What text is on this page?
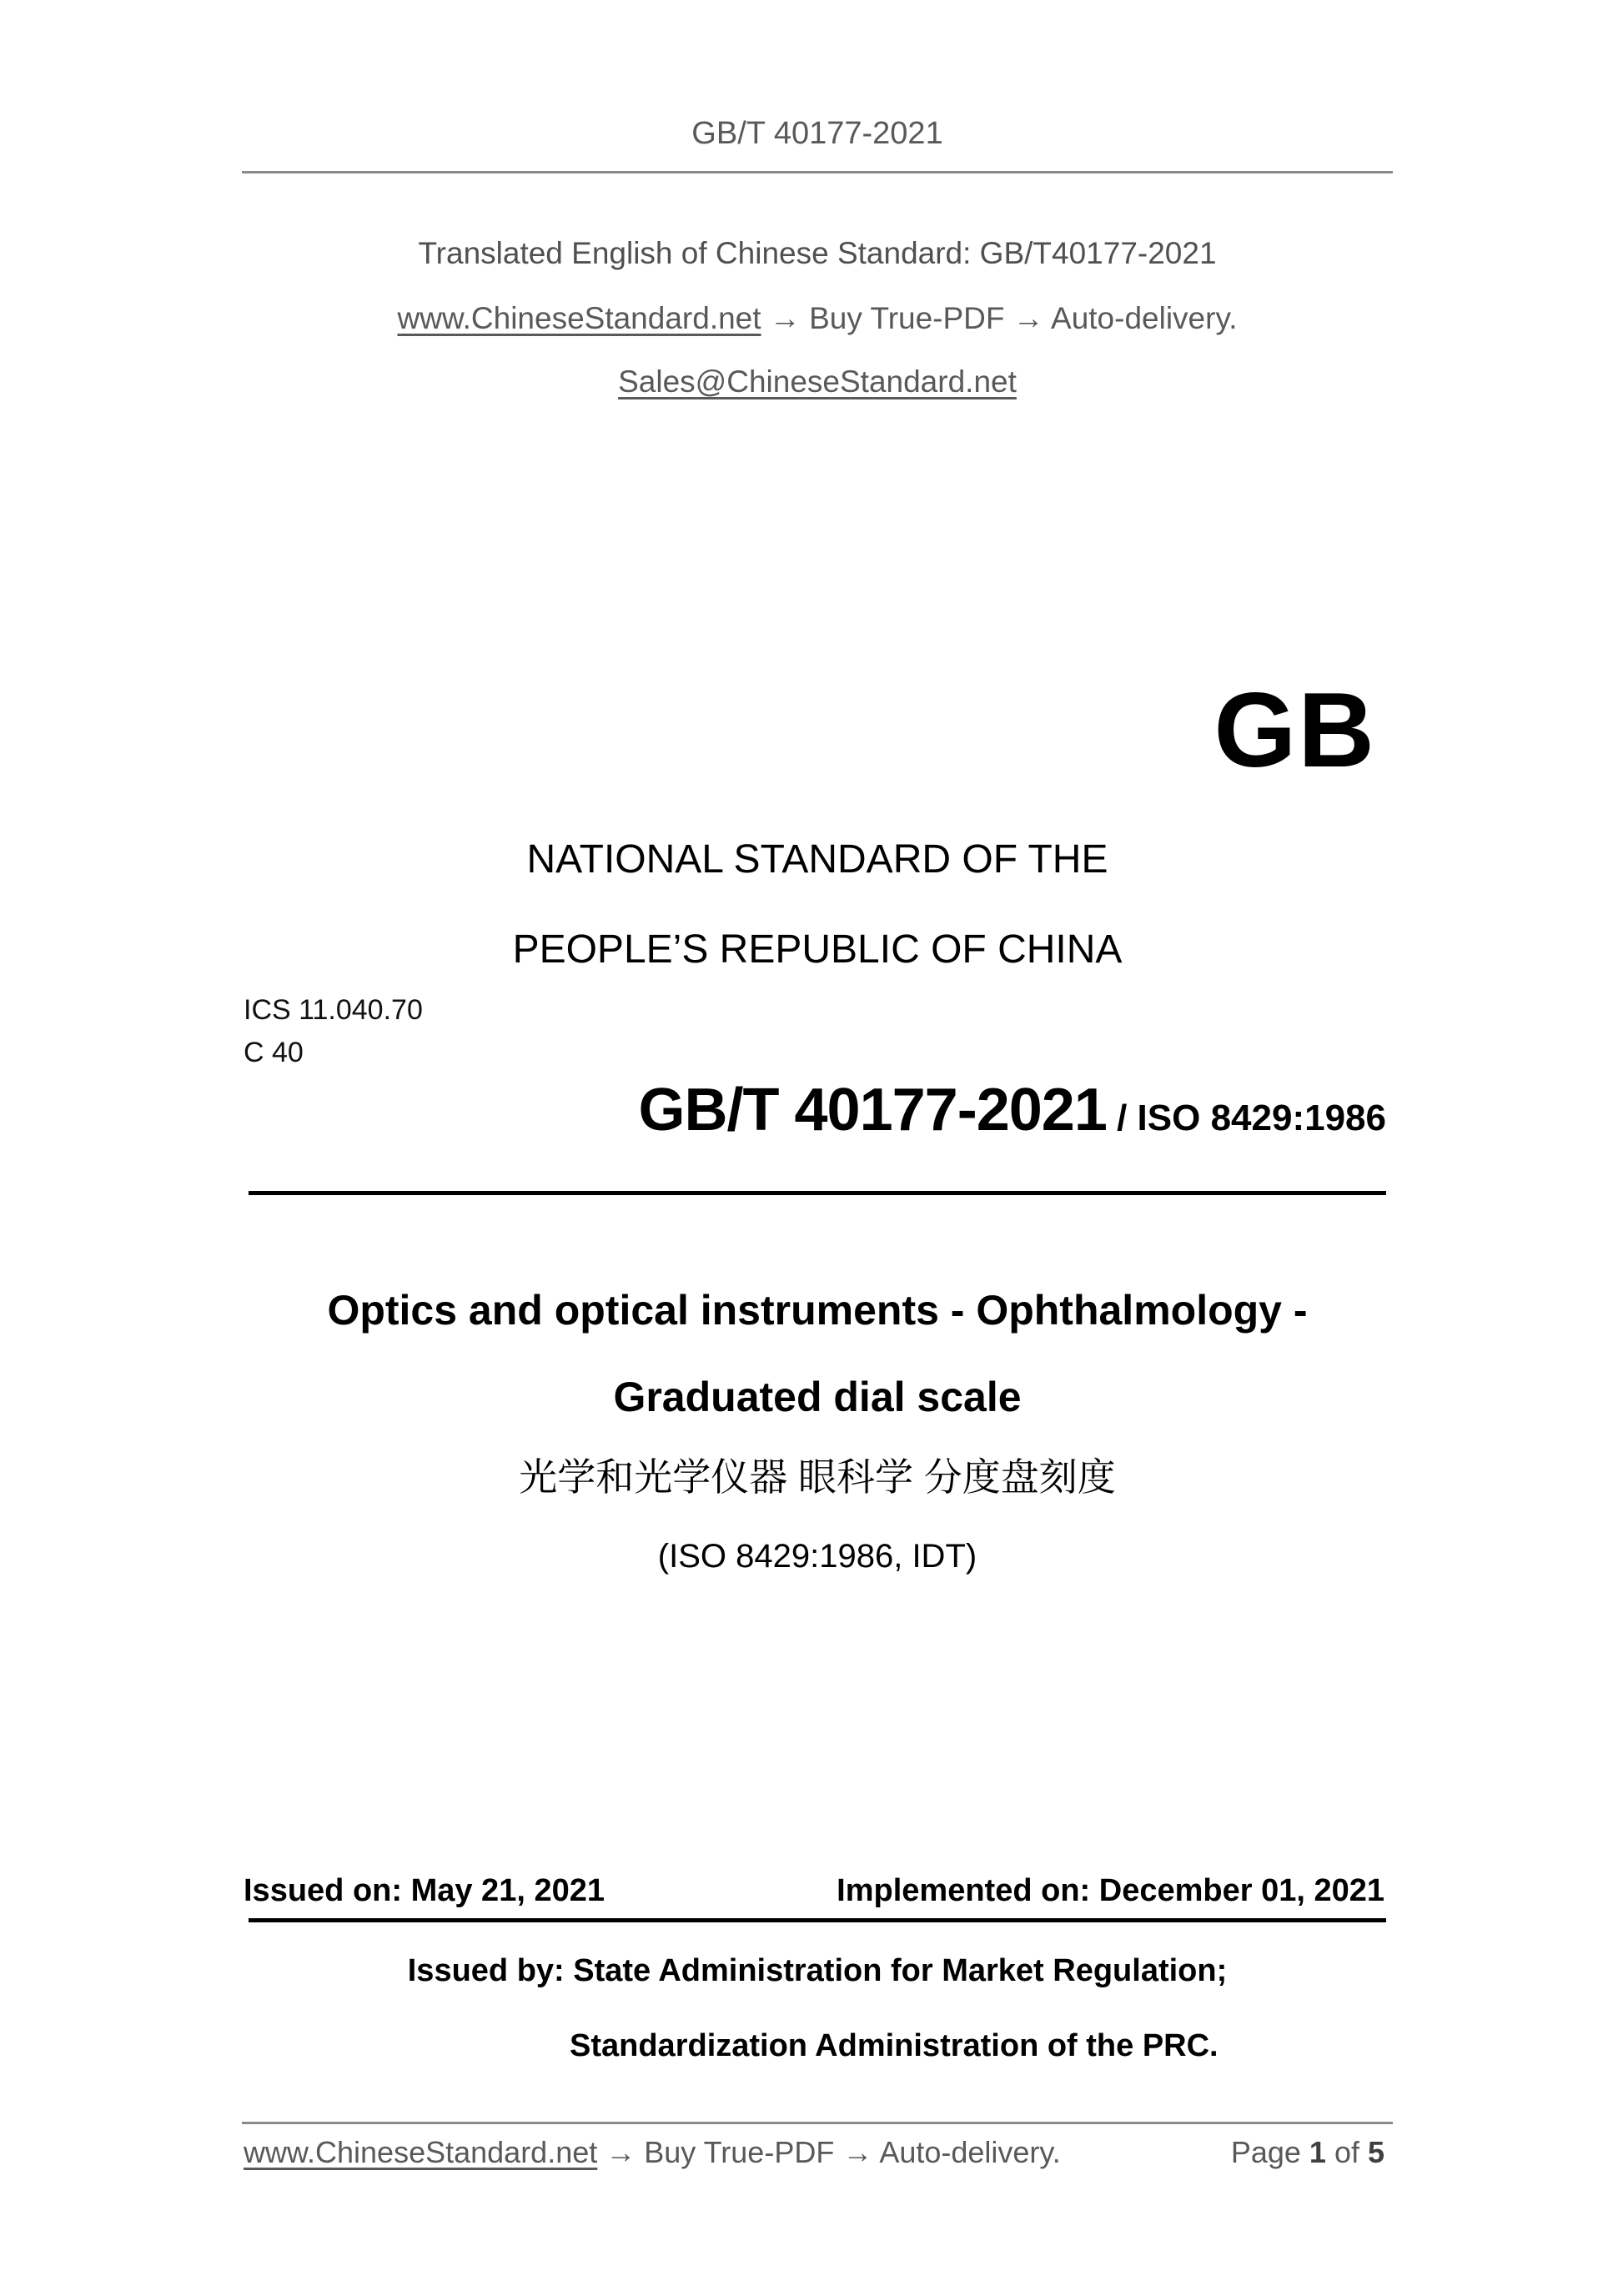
GB/T 40177-2021
Translated English of Chinese Standard: GB/T40177-2021
www.ChineseStandard.net → Buy True-PDF → Auto-delivery.
Sales@ChineseStandard.net
GB
NATIONAL STANDARD OF THE
PEOPLE’S REPUBLIC OF CHINA
ICS 11.040.70
C 40
GB/T 40177-2021 / ISO 8429:1986
Optics and optical instruments - Ophthalmology -
Graduated dial scale
光学和光学仪器 眼科学 分度盘刻度
(ISO 8429:1986, IDT)
Issued on: May 21, 2021	Implemented on: December 01, 2021
Issued by: State Administration for Market Regulation;
Standardization Administration of the PRC.
www.ChineseStandard.net → Buy True-PDF → Auto-delivery.	Page 1 of 5
